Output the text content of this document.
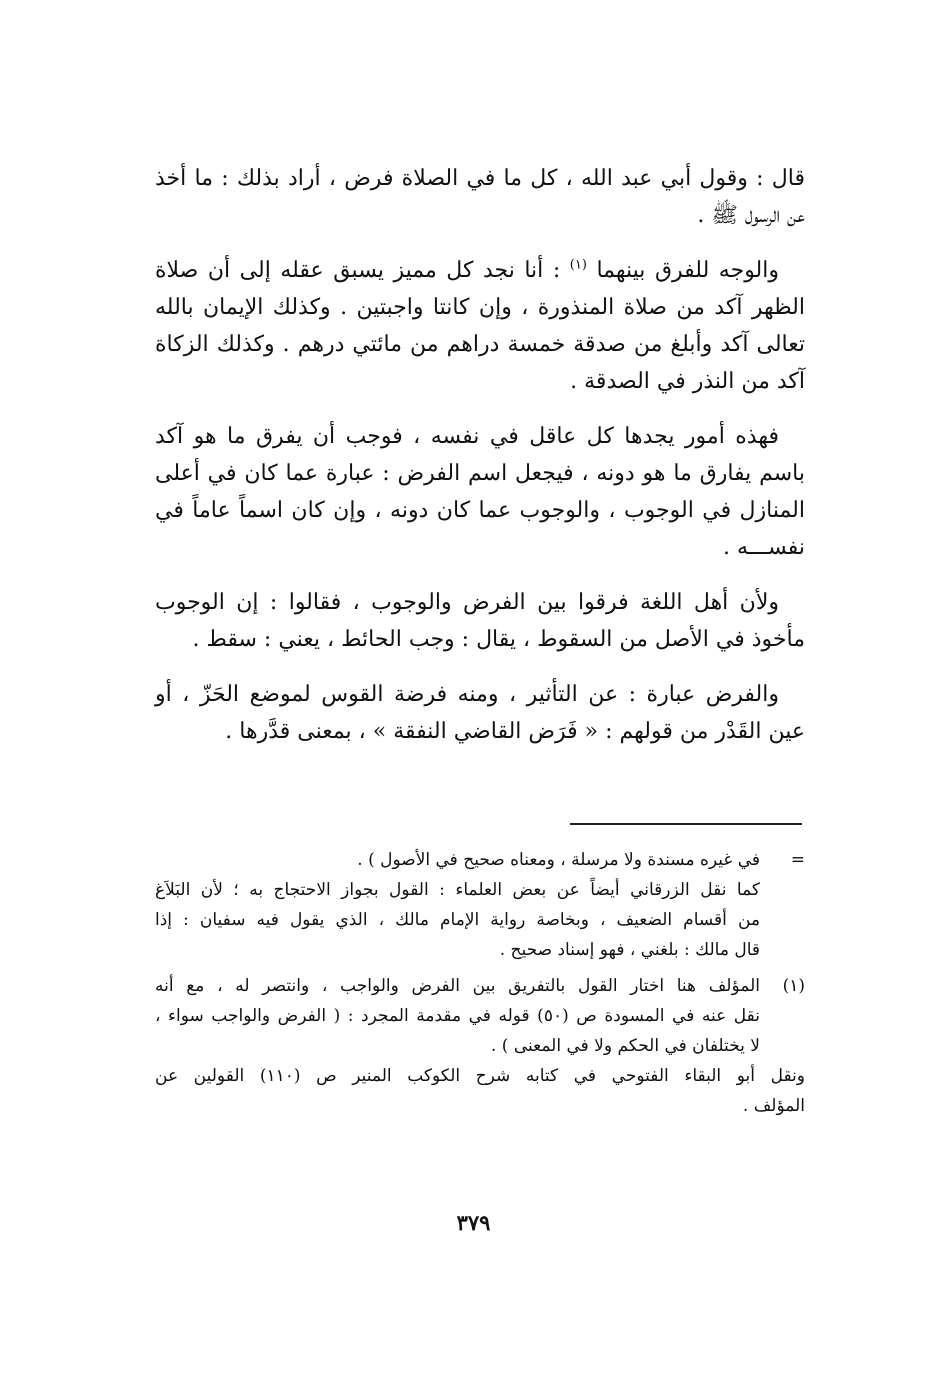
قال : وقول أبي عبد الله ، كل ما في الصلاة فرض ، أراد بذلك : ما أخذ
عن الرسول ﷺ .

والوجه للفرق بينهما $^{(١)}$ : أنا نجد كل مميز يسبق عقله إلى أن صلاة
الظهر آكد من صلاة المنذورة ، وإن كانتا واجبتين . وكذلك الإيمان بالله
تعالى آكد وأبلغ من صدقة خمسة دراهم من مائتي درهم . وكذلك الزكاة
آكد من النذر في الصدقة .

فهذه أمور يجدها كل عاقل في نفسه ، فوجب أن يفرق ما هو آكد
باسم يفارق ما هو دونه ، فيجعل اسم الفرض : عبارة عما كان في أعلى
المنازل في الوجوب ، والوجوب عما كان دونه ، وإن كان اسماً عاماً في
نفســـه .

ولأن أهل اللغة فرقوا بين الفرض والوجوب ، فقالوا : إن الوجوب
مأخوذ في الأصل من السقوط ، يقال : وجب الحائط ، يعني : سقط .

والفرض عبارة : عن التأثير ، ومنه فرضة القوس لموضع الحَزّ ، أو
عين القَدْر من قولهم : « فَرَض القاضي النفقة » ، بمعنى قدَّرها .

=
في غيره مسندة ولا مرسلة ، ومعناه صحيح في الأصول ) .
كما نقل الزرقاني أيضاً عن بعض العلماء : القول بجواز الاحتجاج به ؛ لأن البَلاَغ
من أقسام الضعيف ، وبخاصة رواية الإمام مالك ، الذي يقول فيه سفيان : إذا
قال مالك : بلغني ، فهو إسناد صحيح .
(١)
المؤلف هنا اختار القول بالتفريق بين الفرض والواجب ، وانتصر له ، مع أنه
نقل عنه في المسودة ص (٥٠) قوله في مقدمة المجرد : ( الفرض والواجب سواء ،
لا يختلفان في الحكم ولا في المعنى ) .
ونقل أبو البقاء الفتوحي في كتابه شرح الكوكب المنير ص (١١٠) القولين عن
المؤلف .
٣٧٩
